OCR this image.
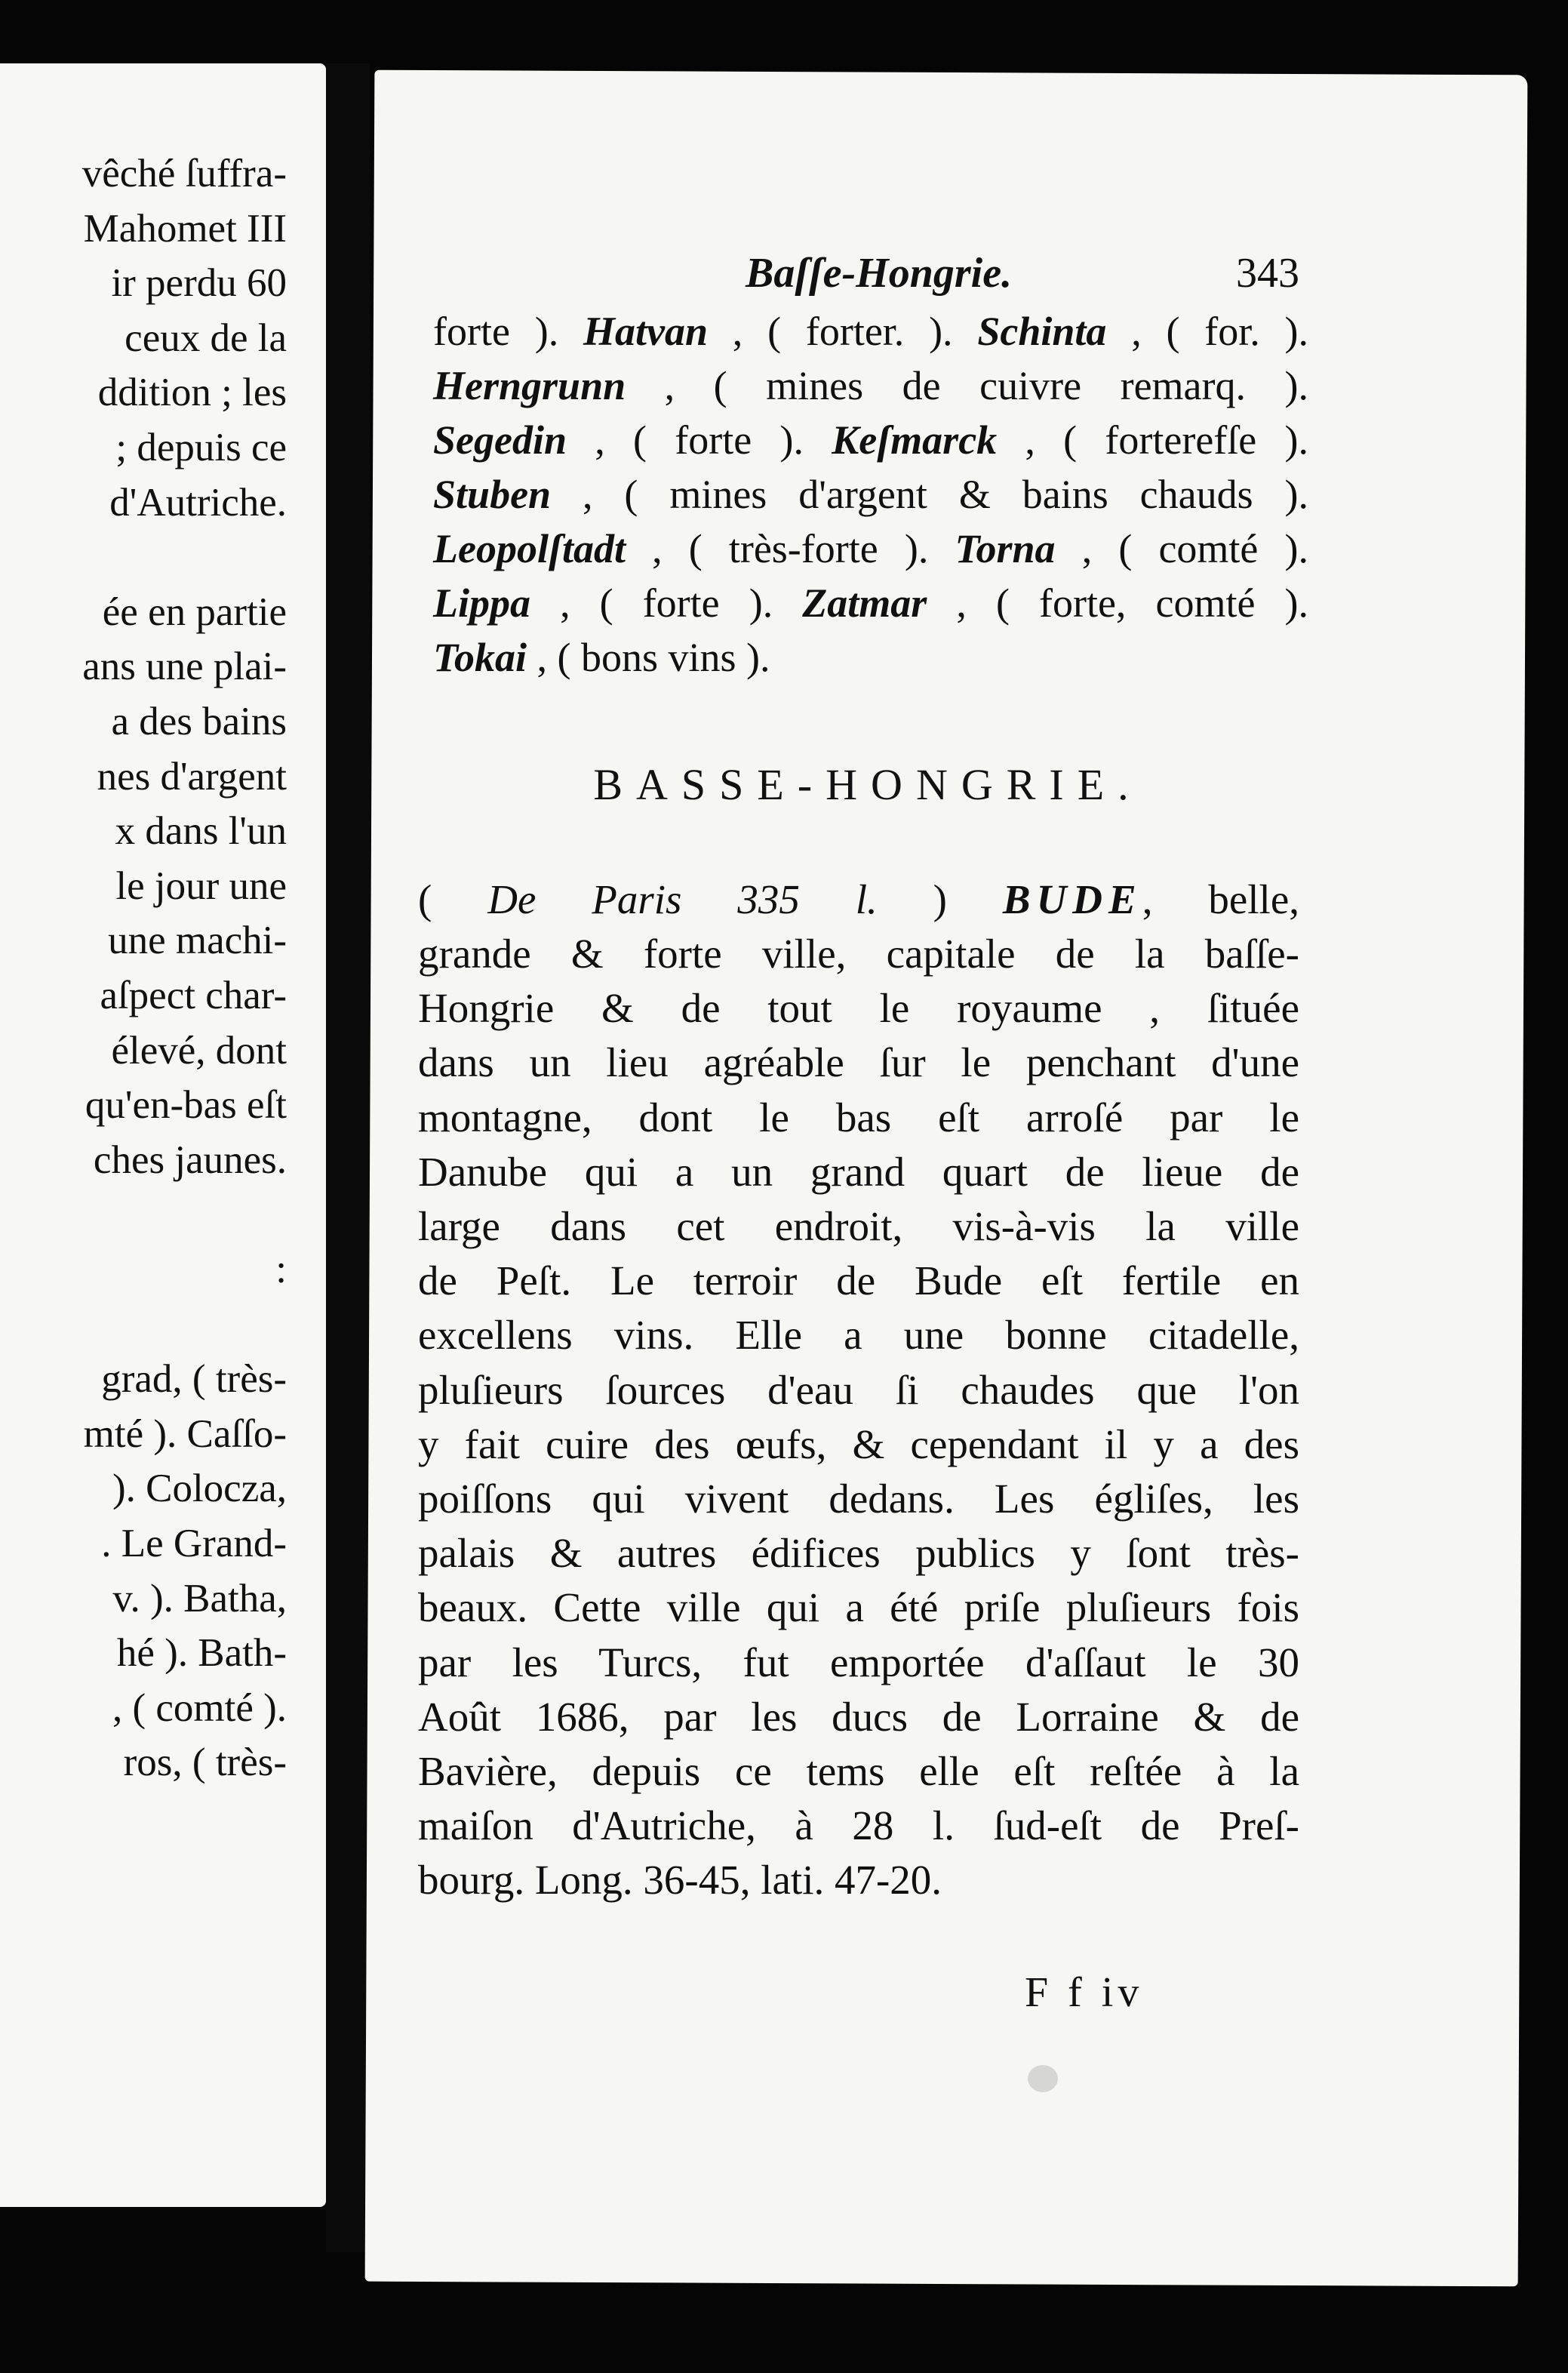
vêché ſuffra-
Mahomet III
ir perdu 60
ceux de la
ddition ; les
; depuis ce
d'Autriche.
ée en partie
ans une plai-
a des bains
nes d'argent
x dans l'un
le jour une
une machi-
aſpect char-
élevé, dont
qu'en-bas eſt
ches jaunes.
:
grad, ( très-
mté ). Caſſo-
). Colocza,
. Le Grand-
v. ). Batha,
hé ). Bath-
, ( comté ).
ros, ( très-
Baſſe-Hongrie.	343
forte ). Hatvan , ( forter. ). Schinta , ( for. ).
Herngrunn , ( mines de cuivre remarq. ).
Segedin , ( forte ). Keſmarck , ( forterefſe ).
Stuben , ( mines d'argent & bains chauds ).
Leopolſtadt , ( très-forte ). Torna , ( comté ).
Lippa , ( forte ). Zatmar , ( forte, comté ).
Tokai , ( bons vins ).
BASSE-HONGRIE.
( De Paris 335 l. ) BUDE, belle,
grande & forte ville, capitale de la baſſe-
Hongrie & de tout le royaume , ſituée
dans un lieu agréable ſur le penchant d'une
montagne, dont le bas eſt arroſé par le
Danube qui a un grand quart de lieue de
large dans cet endroit, vis-à-vis la ville
de Peſt. Le terroir de Bude eſt fertile en
excellens vins. Elle a une bonne citadelle,
pluſieurs ſources d'eau ſi chaudes que l'on
y fait cuire des œufs, & cependant il y a des
poiſſons qui vivent dedans. Les égliſes, les
palais & autres édifices publics y ſont très-
beaux. Cette ville qui a été priſe pluſieurs fois
par les Turcs, fut emportée d'aſſaut le 30
Août 1686, par les ducs de Lorraine & de
Bavière, depuis ce tems elle eſt reſtée à la
maiſon d'Autriche, à 28 l. ſud-eſt de Preſ-
bourg. Long. 36-45, lati. 47-20.
F f iv
